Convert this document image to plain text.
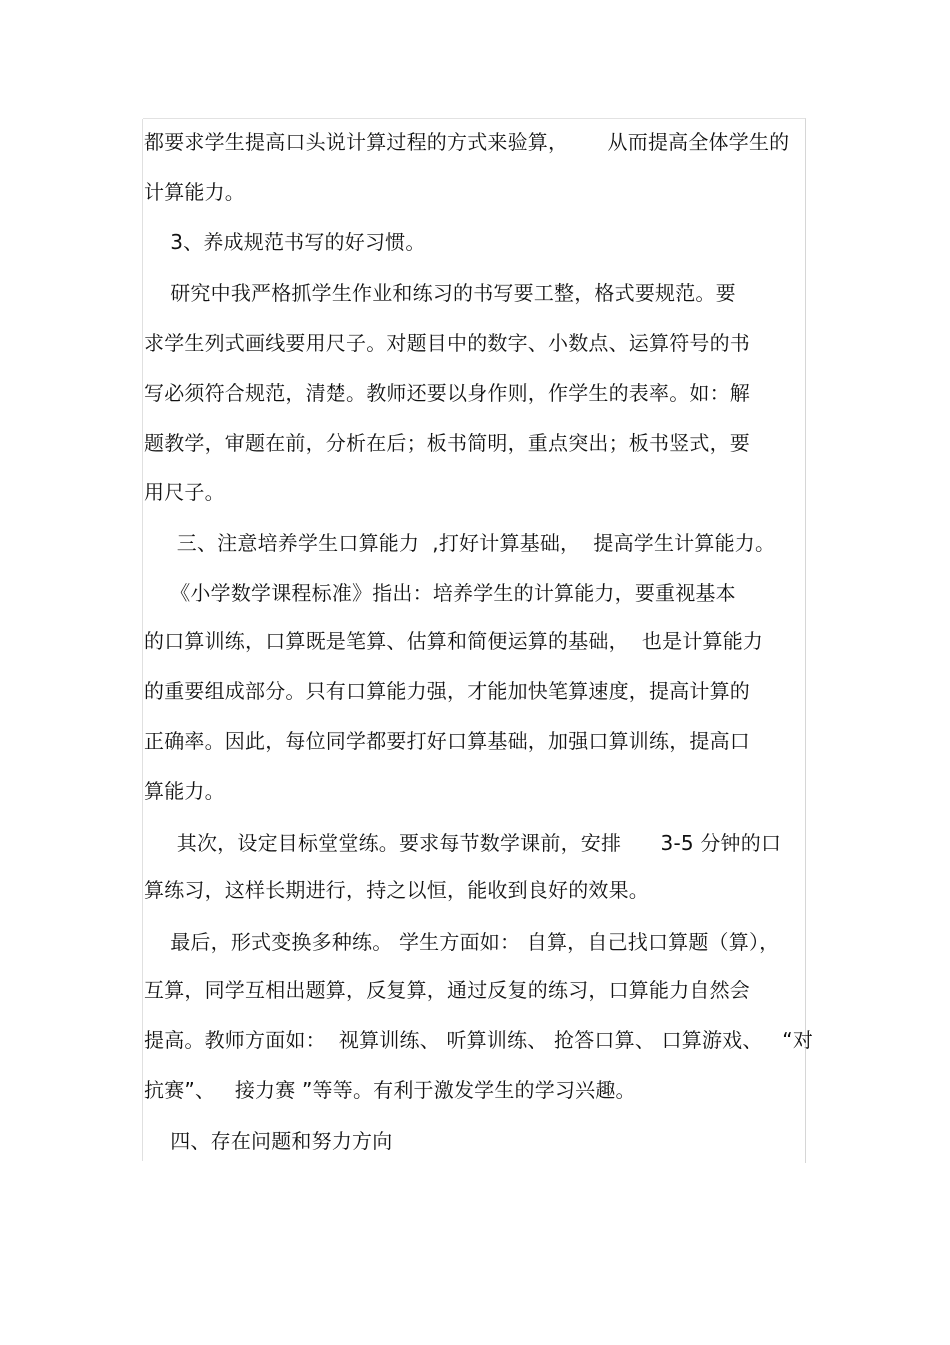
都要求学生提高口头说计算过程的方式来验算，      从而提高全体学生的
计算能力。
3、养成规范书写的好习惯。
研究中我严格抓学生作业和练习的书写要工整，格式要规范。要
求学生列式画线要用尺子。对题目中的数字、小数点、运算符号的书
写必须符合规范，清楚。教师还要以身作则，作学生的表率。如：解
题教学，审题在前，分析在后；板书简明，重点突出；板书竖式，要
用尺子。
三、注意培养学生口算能力  ,打好计算基础，  提高学生计算能力。
《小学数学课程标准》指出：培养学生的计算能力，要重视基本
的口算训练，口算既是笔算、估算和简便运算的基础，  也是计算能力
的重要组成部分。只有口算能力强，才能加快笔算速度，提高计算的
正确率。因此，每位同学都要打好口算基础，加强口算训练，提高口
算能力。
其次，设定目标堂堂练。要求每节数学课前，安排      3-5 分钟的口
算练习，这样长期进行，持之以恒，能收到良好的效果。
最后，形式变换多种练。 学生方面如： 自算，自己找口算题（算），
互算，同学互相出题算，反复算，通过反复的练习，口算能力自然会
提高。教师方面如：  视算训练、 听算训练、 抢答口算、 口算游戏、   “对
抗赛”、   接力赛 ”等等。有利于激发学生的学习兴趣。
四、存在问题和努力方向
